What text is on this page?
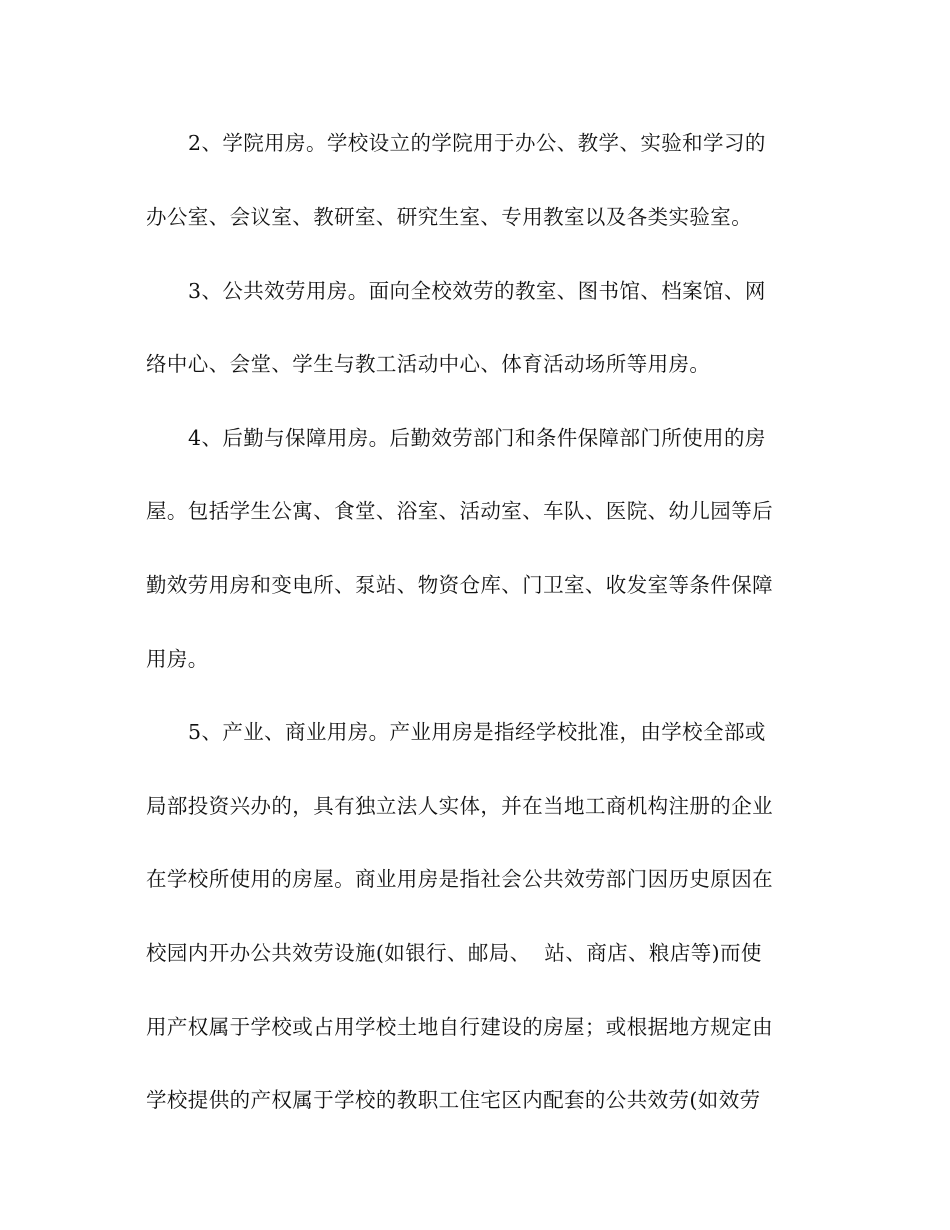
2、学院用房。学校设立的学院用于办公、教学、实验和学习的
办公室、会议室、教研室、研究生室、专用教室以及各类实验室。
3、公共效劳用房。面向全校效劳的教室、图书馆、档案馆、网
络中心、会堂、学生与教工活动中心、体育活动场所等用房。
4、后勤与保障用房。后勤效劳部门和条件保障部门所使用的房
屋。包括学生公寓、食堂、浴室、活动室、车队、医院、幼儿园等后
勤效劳用房和变电所、泵站、物资仓库、门卫室、收发室等条件保障
用房。
5、产业、商业用房。产业用房是指经学校批准，由学校全部或
局部投资兴办的，具有独立法人实体，并在当地工商机构注册的企业
在学校所使用的房屋。商业用房是指社会公共效劳部门因历史原因在
校园内开办公共效劳设施(如银行、邮局、  站、商店、粮店等)而使
用产权属于学校或占用学校土地自行建设的房屋；或根据地方规定由
学校提供的产权属于学校的教职工住宅区内配套的公共效劳(如效劳
